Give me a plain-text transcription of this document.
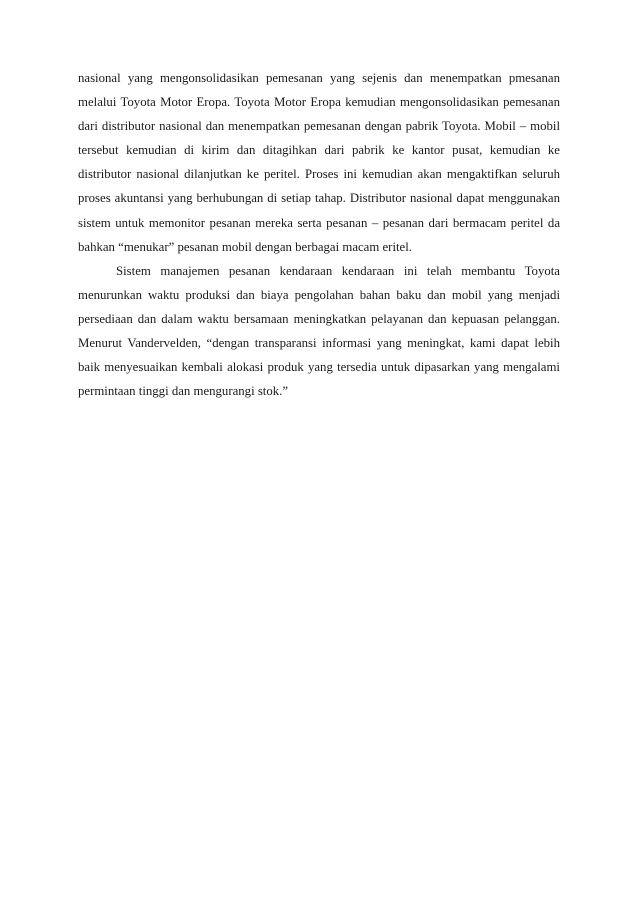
nasional yang mengonsolidasikan pemesanan yang sejenis dan menempatkan pmesanan melalui Toyota Motor Eropa. Toyota Motor Eropa kemudian mengonsolidasikan pemesanan dari distributor nasional dan menempatkan pemesanan dengan pabrik Toyota. Mobil – mobil tersebut kemudian di kirim dan ditagihkan dari pabrik ke kantor pusat, kemudian ke distributor nasional dilanjutkan ke peritel. Proses ini kemudian akan mengaktifkan seluruh proses akuntansi yang berhubungan di setiap tahap. Distributor nasional dapat menggunakan sistem untuk memonitor pesanan mereka serta pesanan – pesanan dari bermacam peritel da bahkan “menukar” pesanan mobil dengan berbagai macam eritel.

Sistem manajemen pesanan kendaraan kendaraan ini telah membantu Toyota menurunkan waktu produksi dan biaya pengolahan bahan baku dan mobil yang menjadi persediaan dan dalam waktu bersamaan meningkatkan pelayanan dan kepuasan pelanggan. Menurut Vandervelden, “dengan transparansi informasi yang meningkat, kami dapat lebih baik menyesuaikan kembali alokasi produk yang tersedia untuk dipasarkan yang mengalami permintaan tinggi dan mengurangi stok.”
